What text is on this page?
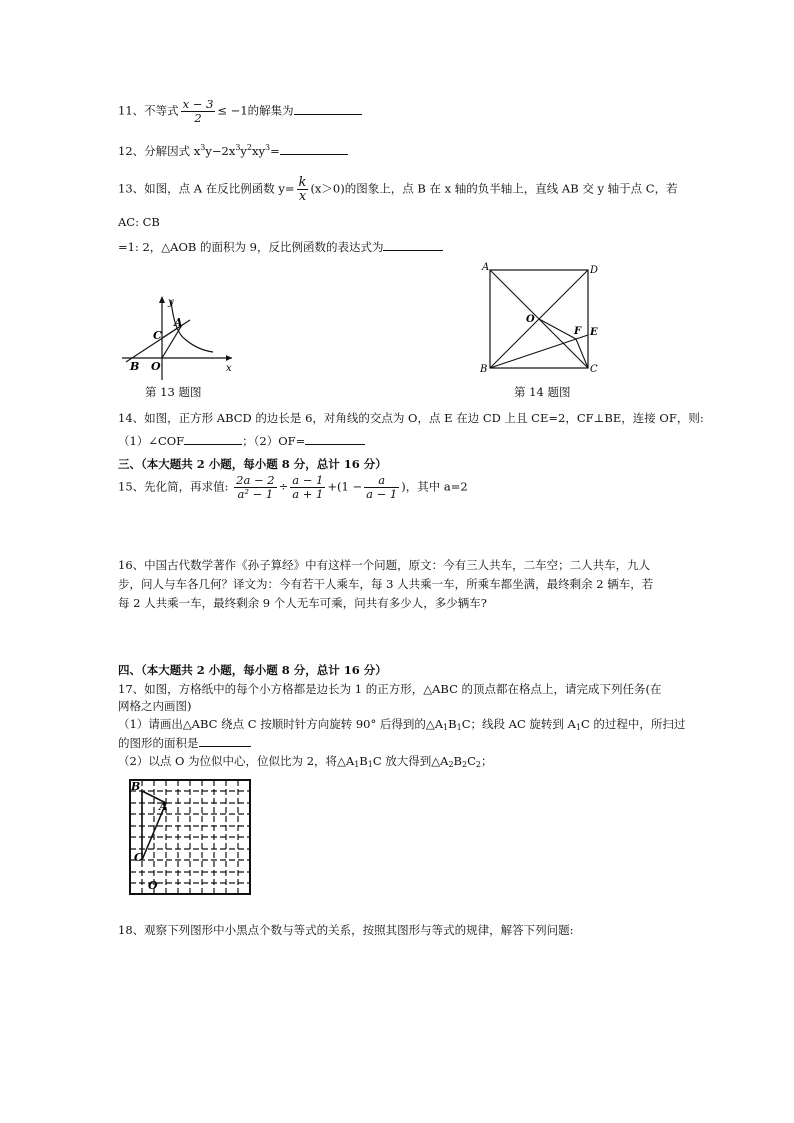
11、不等式 $\frac{x - 3}{2} \le -1$的解集为
12、分解因式 $x^3y-2x^3y^2xy^3=$
13、如图，点 A 在反比例函数 $y= \frac{k}{x} (x>0)$的图象上，点 B 在 x 轴的负半轴上，直线 AB 交 y 轴于点 C，若
AC: CB
=1: 2，△AOB 的面积为 9，反比例函数的表达式为
y
A
C
B O	x
第 13 题图
A	D
O
F E
B	C
第 14 题图
14、如图，正方形 ABCD 的边长是 6，对角线的交点为 O，点 E 在边 CD 上且 CE=2，CF⊥BE，连接 OF，则:
（1）∠COF	；（2）OF=
三、（本大题共 2 小题，每小题 8 分，总计 16 分）
15、先化简，再求值: $\frac{2a - 2}{\text{a² − 1}} \div \frac{a - 1}{a + 1} +(1 - \frac{a}{a - 1}$ )，其中 a=2
16、中国古代数学著作《孙子算经》中有这样一个问题，原文：今有三人共车，二车空；二人共车，九人
步，问人与车各几何？译文为：今有若干人乘车，每 3 人共乘一车，所乘车都坐满，最终剩余 2 辆车，若
每 2 人共乘一车，最终剩余 9 个人无车可乘，问共有多少人，多少辆车?
四、（本大题共 2 小题，每小题 8 分，总计 16 分）
17、如图，方格纸中的每个小方格都是边长为 1 的正方形，△ABC 的顶点都在格点上，请完成下列任务(在
网格之内画图)
（1）请画出△ABC 绕点 C 按顺时针方向旋转 90° 后得到的$\triangle A_1B_1C$；线段 AC 旋转到 $A_1C$ 的过程中，所扫过
的图形的面积是
（2）以点 O 为位似中心，位似比为 2，将$\triangle A_1B_1C$ 放大得到$\triangle A_2B_2C_2$；
B
A
C
O
18、观察下列图形中小黑点个数与等式的关系，按照其图形与等式的规律，解答下列问题:
